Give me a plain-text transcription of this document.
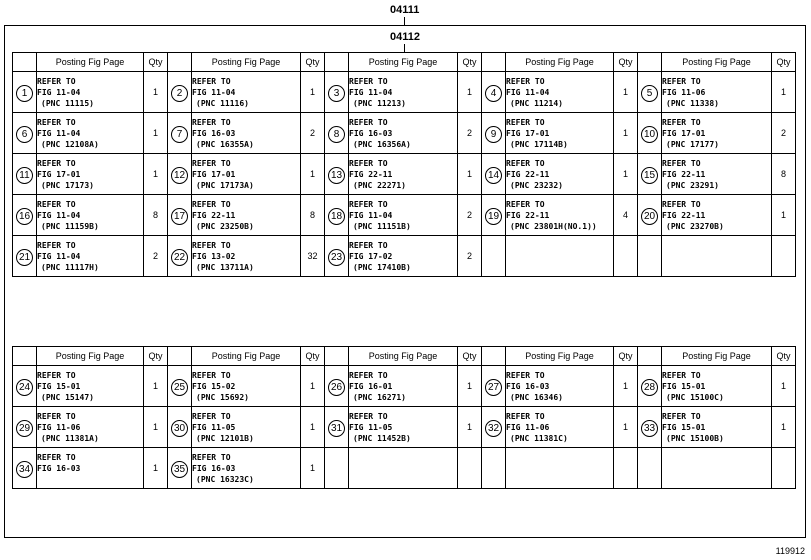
04111
04112
	Posting Fig Page	Qty		Posting Fig Page	Qty		Posting Fig Page	Qty		Posting Fig Page	Qty		Posting Fig Page	Qty
1	REFER TO
FIG 11-04
(PNC 11115)	1	2	REFER TO
FIG 11-04
(PNC 11116)	1	3	REFER TO
FIG 11-04
(PNC 11213)	1	4	REFER TO
FIG 11-04
(PNC 11214)	1	5	REFER TO
FIG 11-06
(PNC 11338)	1
6	REFER TO
FIG 11-04
(PNC 12108A)	1	7	REFER TO
FIG 16-03
(PNC 16355A)	2	8	REFER TO
FIG 16-03
(PNC 16356A)	2	9	REFER TO
FIG 17-01
(PNC 17114B)	1	10	REFER TO
FIG 17-01
(PNC 17177)	2
11	REFER TO
FIG 17-01
(PNC 17173)	1	12	REFER TO
FIG 17-01
(PNC 17173A)	1	13	REFER TO
FIG 22-11
(PNC 22271)	1	14	REFER TO
FIG 22-11
(PNC 23232)	1	15	REFER TO
FIG 22-11
(PNC 23291)	8
16	REFER TO
FIG 11-04
(PNC 11159B)	8	17	REFER TO
FIG 22-11
(PNC 23250B)	8	18	REFER TO
FIG 11-04
(PNC 11151B)	2	19	REFER TO
FIG 22-11
(PNC 23801H(NO.1))	4	20	REFER TO
FIG 22-11
(PNC 23270B)	1
21	REFER TO
FIG 11-04
(PNC 11117H)	2	22	REFER TO
FIG 13-02
(PNC 13711A)	32	23	REFER TO
FIG 17-02
(PNC 17410B)	2						
	Posting Fig Page	Qty		Posting Fig Page	Qty		Posting Fig Page	Qty		Posting Fig Page	Qty		Posting Fig Page	Qty
24	REFER TO
FIG 15-01
(PNC 15147)	1	25	REFER TO
FIG 15-02
(PNC 15692)	1	26	REFER TO
FIG 16-01
(PNC 16271)	1	27	REFER TO
FIG 16-03
(PNC 16346)	1	28	REFER TO
FIG 15-01
(PNC 15100C)	1
29	REFER TO
FIG 11-06
(PNC 11381A)	1	30	REFER TO
FIG 11-05
(PNC 12101B)	1	31	REFER TO
FIG 11-05
(PNC 11452B)	1	32	REFER TO
FIG 11-06
(PNC 11381C)	1	33	REFER TO
FIG 15-01
(PNC 15100B)	1
34	REFER TO
FIG 16-03	1	35	REFER TO
FIG 16-03
(PNC 16323C)	1									
119912
